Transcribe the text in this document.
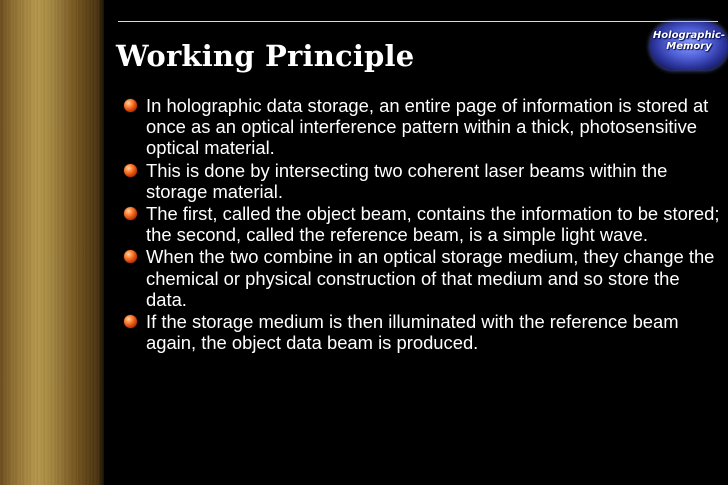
Working Principle
Holographic-
Memory
In holographic data storage, an entire page of information is stored at once as an optical interference pattern within a thick, photosensitive optical material.
This is done by intersecting two coherent laser beams within the storage material.
The first, called the object beam, contains the information to be stored; the second, called the reference beam, is a simple light wave.
When the two combine in an optical storage medium, they change the chemical or physical construction of that medium and so store the data.
If the storage medium is then illuminated with the reference beam again, the object data beam is produced.
